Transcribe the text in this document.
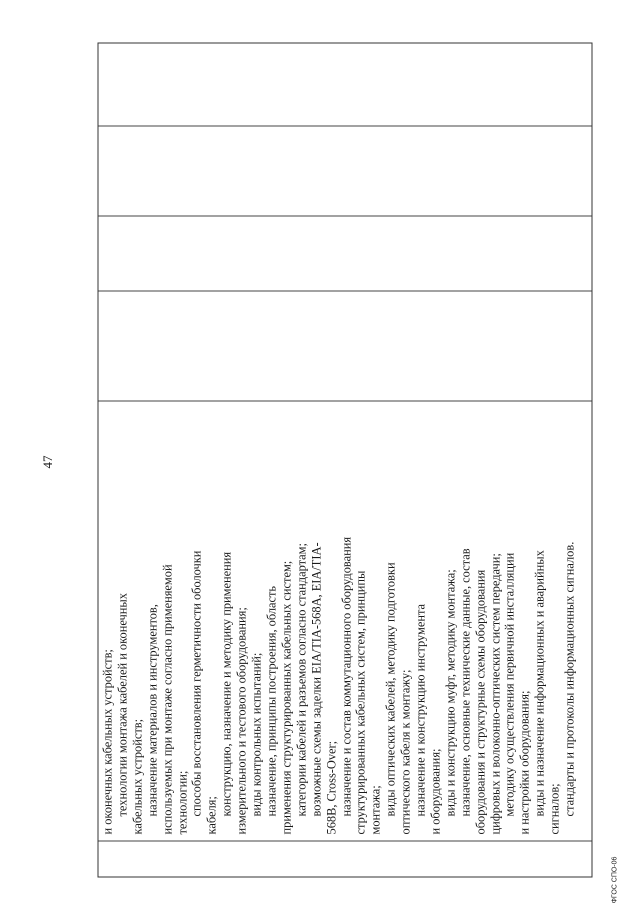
и оконечных кабельных устройств; технологии монтажа кабелей и оконечных кабельных устройств; назначение материалов и инструментов, используемых при монтаже согласно применяемой технологии; способы восстановления герметичности оболочки кабеля; конструкцию, назначение и методику применения измерительного и тестового оборудования; виды контрольных испытаний; назначение, принципы построения, область применения структурированных кабельных систем; категории кабелей и разъемов согласно стандартам; возможные схемы заделки EIA/TIA-568A, EIA/TIA- 568B, Cross-Over; назначение и состав коммутационного оборудования структурированных кабельных систем, принципы монтажа; виды оптических кабелей, методику подготовки оптического кабеля к монтажу; назначение и конструкцию инструмента и оборудования; виды и конструкцию муфт, методику монтажа; назначение, основные технические данные, состав оборудования и структурные схемы оборудования цифровых и волоконно-оптических систем передачи; методику осуществления первичной инсталляции и настройки оборудования; виды и назначение информационных и аварийных сигналов; стандарты и протоколы информационных сигналов.
47
ФГОС СПО-06
